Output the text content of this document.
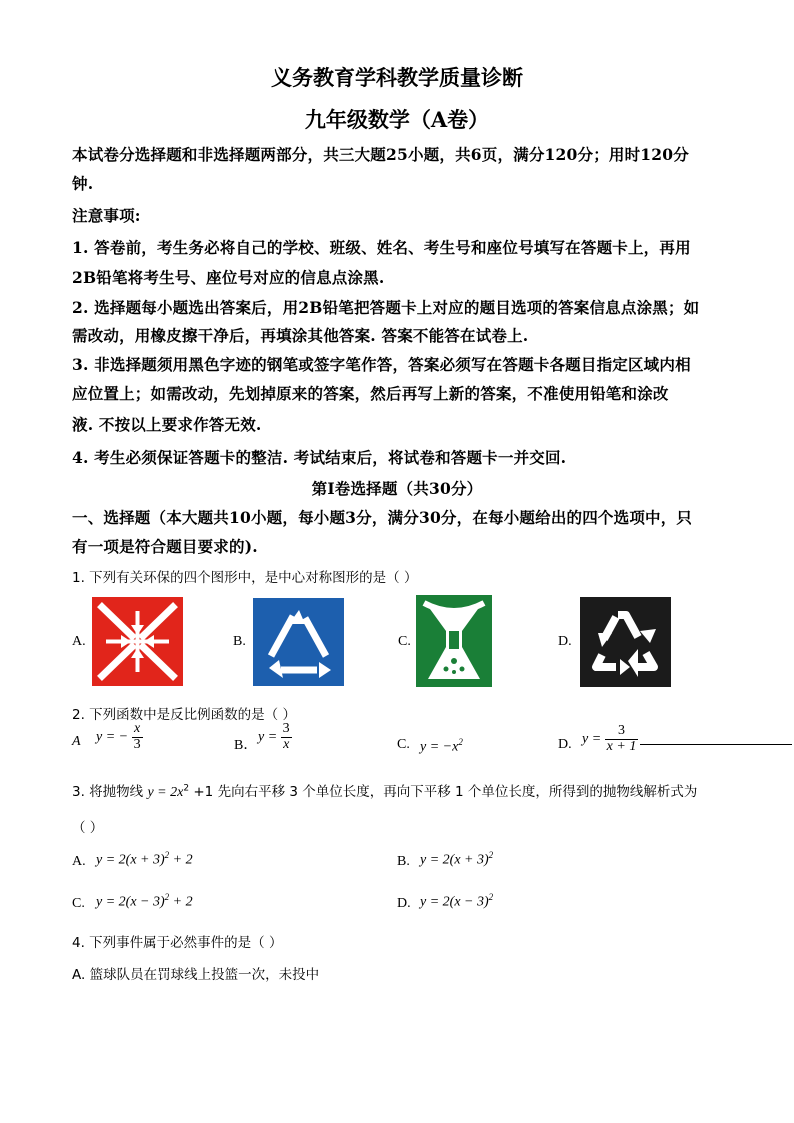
义务教育学科教学质量诊断
九年级数学（A卷）
本试卷分选择题和非选择题两部分，共三大题25小题，共6页，满分120分；用时120分
钟.
注意事项:
1. 答卷前，考生务必将自己的学校、班级、姓名、考生号和座位号填写在答题卡上，再用
2B铅笔将考生号、座位号对应的信息点涂黑.
2. 选择题每小题选出答案后，用2B铅笔把答题卡上对应的题目选项的答案信息点涂黑；如
需改动，用橡皮擦干净后，再填涂其他答案. 答案不能答在试卷上.
3. 非选择题须用黑色字迹的钢笔或签字笔作答，答案必须写在答题卡各题目指定区域内相
应位置上；如需改动，先划掉原来的答案，然后再写上新的答案，不准使用铅笔和涂改
液. 不按以上要求作答无效.
4. 考生必须保证答题卡的整洁. 考试结束后，将试卷和答题卡一并交回.
第Ⅰ卷选择题（共30分）
一、选择题（本大题共10小题，每小题3分，满分30分，在每小题给出的四个选项中，只
有一项是符合题目要求的).
1. 下列有关环保的四个图形中，是中心对称图形的是（ ）
A.	B.	C.	D.
2. 下列函数中是反比例函数的是（ ）
A y = − $\frac{x}{3}$	B．
$y = \frac{3}{x}$	C. $y = -x^2$	D. $y = \frac{3}{x + 1}$
3. 将抛物线 $y = 2x^2 +1$ 先向右平移 3 个单位长度，再向下平移 1 个单位长度，所得到的抛物线解析式为
（ ）
A. $y = 2(x + 3)^2 + 2$	B. $y = 2(x + 3)^2$
C. $y = 2(x - 3)^2 + 2$	D. $y = 2(x - 3)^2$
4. 下列事件属于必然事件的是（ ）
A. 篮球队员在罚球线上投篮一次，未投中
